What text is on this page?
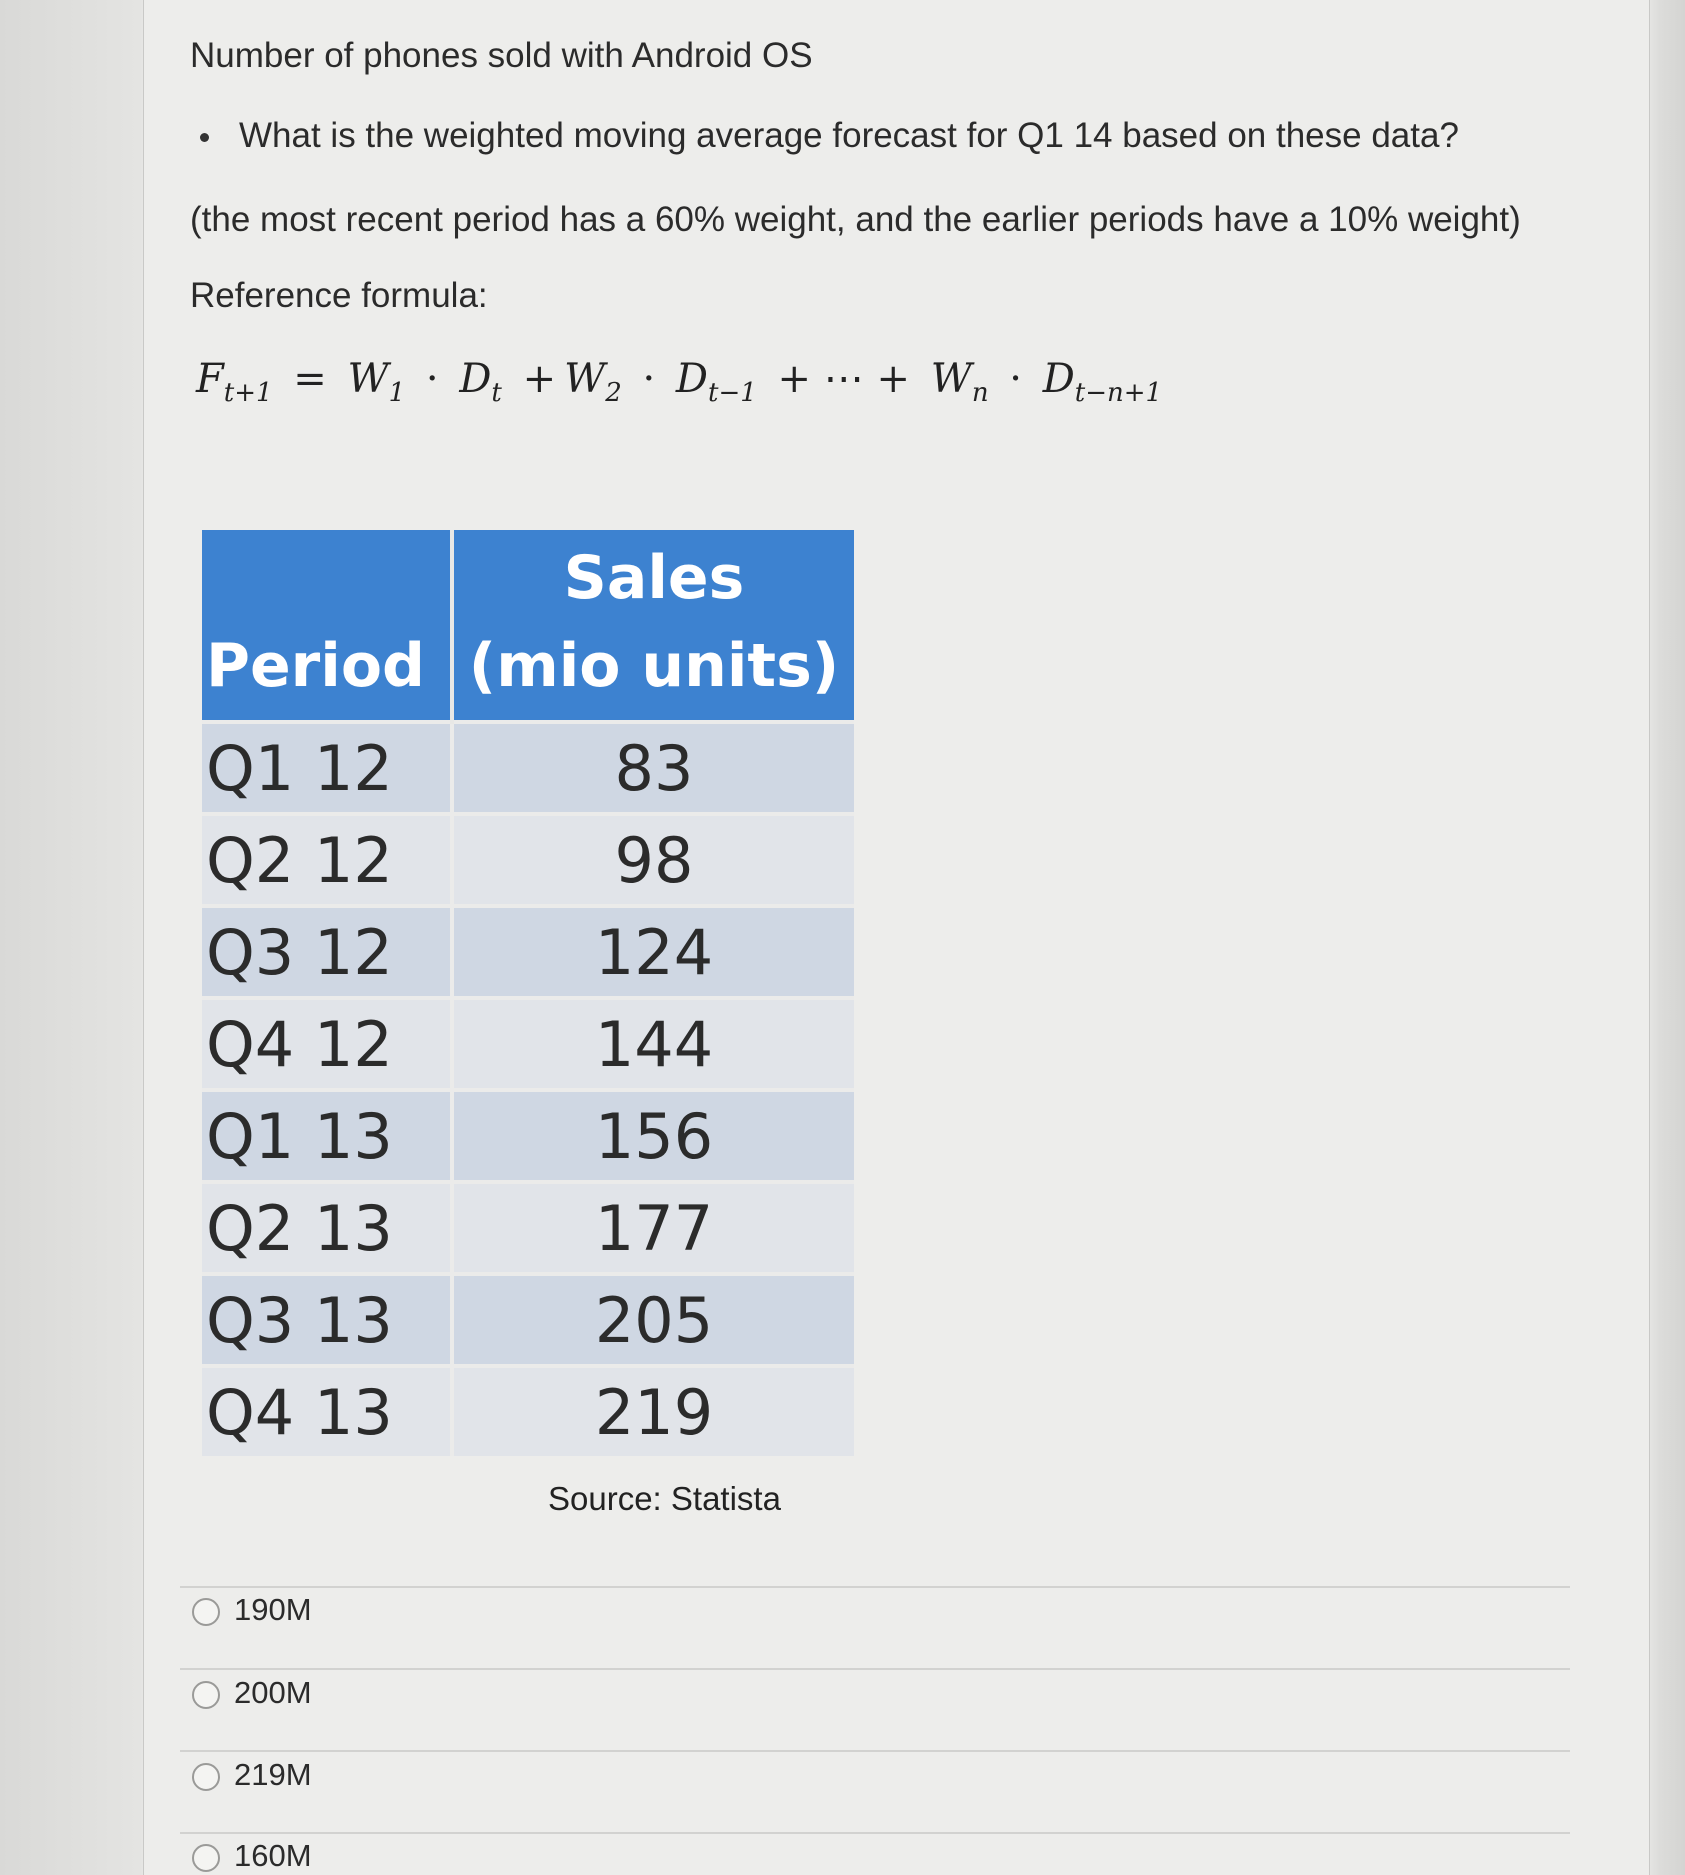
Number of phones sold with Android OS
What is the weighted moving average forecast for Q1 14 based on these data?
(the most recent period has a 60% weight, and the earlier periods have a 10% weight)
Reference formula:
$F_{t+1} = W_1 \cdot D_t + W_2 \cdot D_{t-1}$ + ⋯ + $W_n \cdot D_{t-n+1}$
Period	Sales
(mio units)

Q1 12	83
Q2 12	98
Q3 12	124
Q4 12	144
Q1 13	156
Q2 13	177
Q3 13	205
Q4 13	219
Source: Statista
190M
200M
219M
160M
